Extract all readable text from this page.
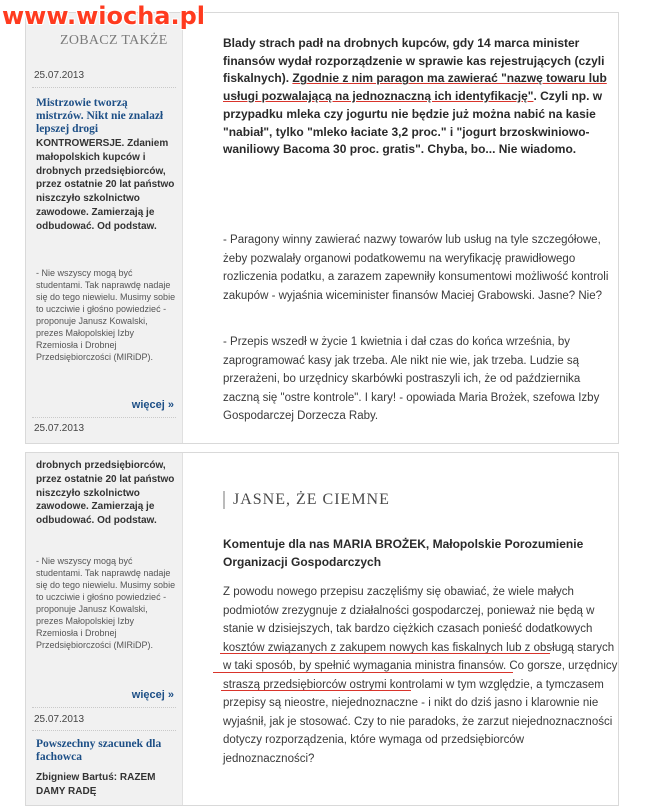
www.wiocha.pl
ZOBACZ TAKŻE
25.07.2013
Mistrzowie tworzą mistrzów. Nikt nie znalazł lepszej drogi
KONTROWERSJE. Zdaniem małopolskich kupców i drobnych przedsiębiorców, przez ostatnie 20 lat państwo niszczyło szkolnictwo zawodowe. Zamierzają je odbudować. Od podstaw.
- Nie wszyscy mogą być studentami. Tak naprawdę nadaje się do tego niewielu. Musimy sobie to uczciwie i głośno powiedzieć - proponuje Janusz Kowalski, prezes Małopolskiej Izby Rzemiosła i Drobnej Przedsiębiorczości (MIRiDP).
więcej »
25.07.2013
Blady strach padł na drobnych kupców, gdy 14 marca minister finansów wydał rozporządzenie w sprawie kas rejestrujących (czyli fiskalnych). Zgodnie z nim paragon ma zawierać "nazwę towaru lub usługi pozwalającą na jednoznaczną ich identyfikację". Czyli np. w przypadku mleka czy jogurtu nie będzie już można nabić na kasie "nabiał", tylko "mleko łaciate 3,2 proc." i "jogurt brzoskwiniowo-waniliowy Bacoma 30 proc. gratis". Chyba, bo... Nie wiadomo.
- Paragony winny zawierać nazwy towarów lub usług na tyle szczegółowe, żeby pozwalały organowi podatkowemu na weryfikację prawidłowego rozliczenia podatku, a zarazem zapewniły konsumentowi możliwość kontroli zakupów - wyjaśnia wiceminister finansów Maciej Grabowski. Jasne? Nie?
- Przepis wszedł w życie 1 kwietnia i dał czas do końca września, by zaprogramować kasy jak trzeba. Ale nikt nie wie, jak trzeba. Ludzie są przerażeni, bo urzędnicy skarbówki postraszyli ich, że od października zaczną się "ostre kontrole". I kary! - opowiada Maria Brożek, szefowa Izby Gospodarczej Dorzecza Raby.
drobnych przedsiębiorców, przez ostatnie 20 lat państwo niszczyło szkolnictwo zawodowe. Zamierzają je odbudować. Od podstaw.
- Nie wszyscy mogą być studentami. Tak naprawdę nadaje się do tego niewielu. Musimy sobie to uczciwie i głośno powiedzieć - proponuje Janusz Kowalski, prezes Małopolskiej Izby Rzemiosła i Drobnej Przedsiębiorczości (MIRiDP).
więcej »
25.07.2013
Powszechny szacunek dla fachowca
Zbigniew Bartuś: RAZEM DAMY RADĘ
JASNE, ŻE CIEMNE
Komentuje dla nas MARIA BROŻEK, Małopolskie Porozumienie Organizacji Gospodarczych
Z powodu nowego przepisu zaczęliśmy się obawiać, że wiele małych podmiotów zrezygnuje z działalności gospodarczej, ponieważ nie będą w stanie w dzisiejszych, tak bardzo ciężkich czasach ponieść dodatkowych kosztów związanych z zakupem nowych kas fiskalnych lub z obsługą starych w taki sposób, by spełnić wymagania ministra finansów. Co gorsze, urzędnicy straszą przedsiębiorców ostrymi kontrolami w tym względzie, a tymczasem przepisy są nieostre, niejednoznaczne - i nikt do dziś jasno i klarownie nie wyjaśnił, jak je stosować. Czy to nie paradoks, że zarzut niejednoznaczności dotyczy rozporządzenia, które wymaga od przedsiębiorców jednoznaczności?
